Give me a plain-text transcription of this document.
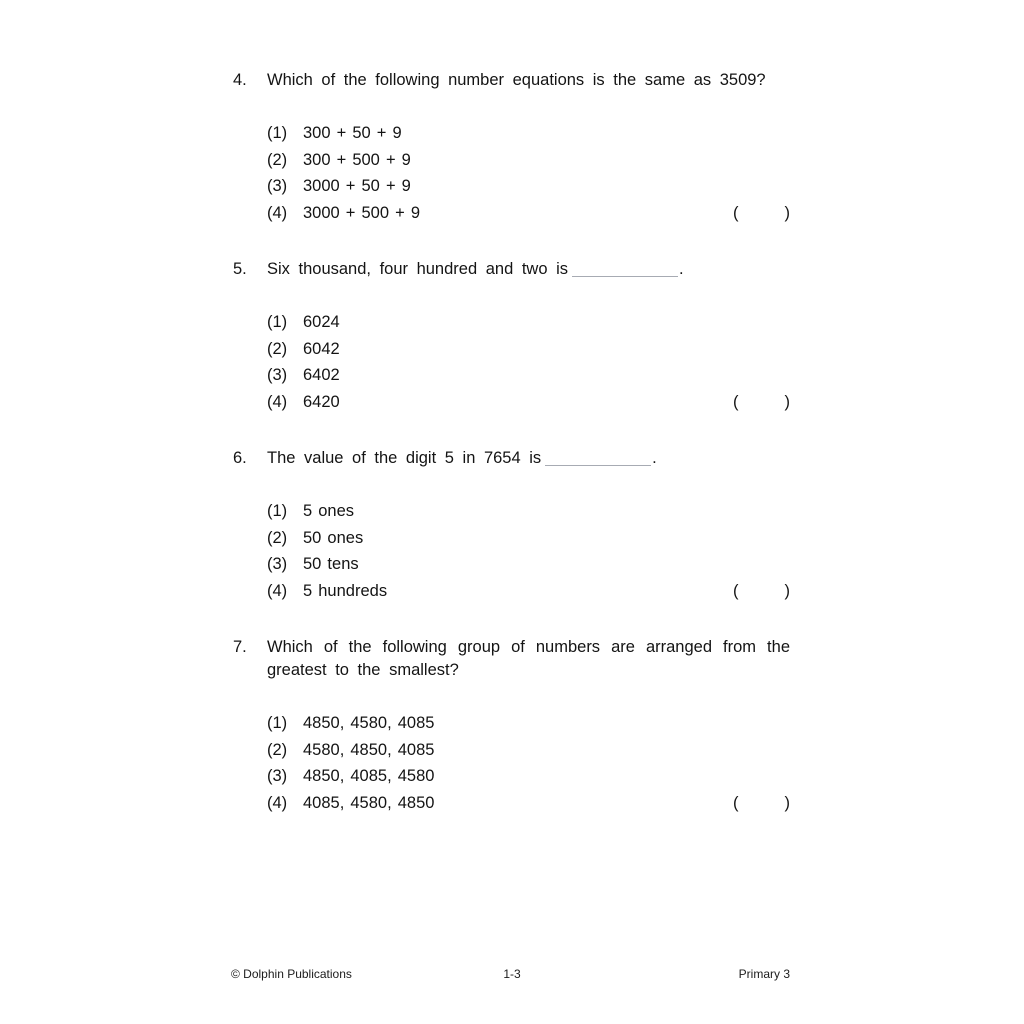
4.	Which of the following number equations is the same as 3509?
(1) 300 + 50 + 9
(2) 300 + 500 + 9
(3) 3000 + 50 + 9
(4) 3000 + 500 + 9	(	)
5.	Six thousand, four hundred and two is	.
(1) 6024
(2) 6042
(3) 6402
(4) 6420	(	)
6.	The value of the digit 5 in 7654 is	.
(1) 5 ones
(2) 50 ones
(3) 50 tens
(4) 5 hundreds	(	)
7.	Which of the following group of numbers are arranged from the greatest to the smallest?
(1) 4850, 4580, 4085
(2) 4580, 4850, 4085
(3) 4850, 4085, 4580
(4) 4085, 4580, 4850	(	)
© Dolphin Publications	1-3	Primary 3
